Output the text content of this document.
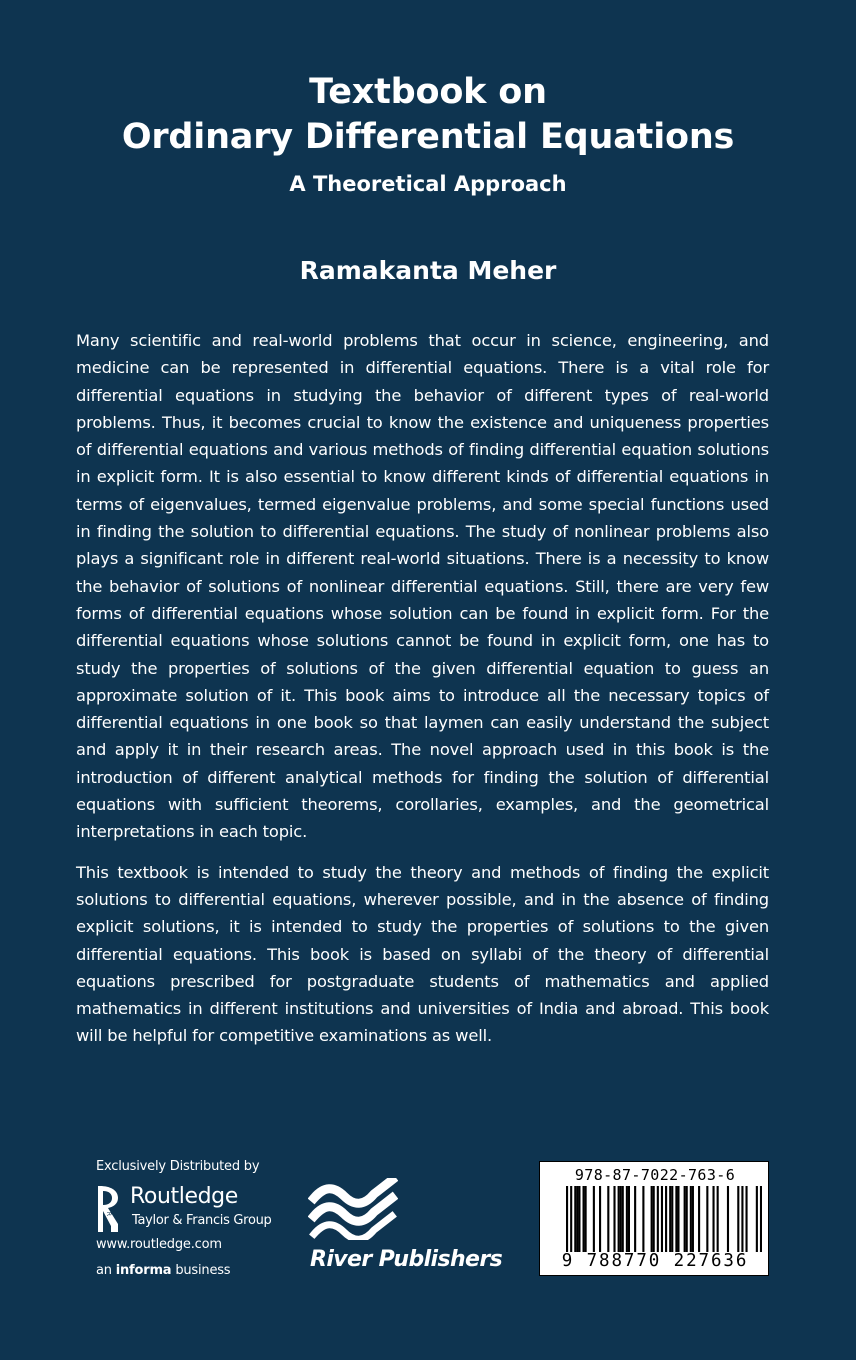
Textbook on
Ordinary Differential Equations
A Theoretical Approach
Ramakanta Meher

Many scientific and real-world problems that occur in science, engineering, and medicine can be represented in differential equations. There is a vital role for differential equations in studying the behavior of different types of real-world problems. Thus, it becomes crucial to know the existence and uniqueness properties of differential equations and various methods of finding differential equation solutions in explicit form. It is also essential to know different kinds of differential equations in terms of eigenvalues, termed eigenvalue problems, and some special functions used in finding the solution to differential equations. The study of nonlinear problems also plays a significant role in different real-world situations. There is a necessity to know the behavior of solutions of nonlinear differential equations. Still, there are very few forms of differential equations whose solution can be found in explicit form. For the differential equations whose solutions cannot be found in explicit form, one has to study the properties of solutions of the given differential equation to guess an approximate solution of it. This book aims to introduce all the necessary topics of differential equations in one book so that laymen can easily understand the subject and apply it in their research areas. The novel approach used in this book is the introduction of different analytical methods for finding the solution of differential equations with sufficient theorems, corollaries, examples, and the geometrical interpretations in each topic.

This textbook is intended to study the theory and methods of finding the explicit solutions to differential equations, wherever possible, and in the absence of finding explicit solutions, it is intended to study the properties of solutions to the given differential equations. This book is based on syllabi of the theory of differential equations prescribed for postgraduate students of mathematics and applied mathematics in different institutions and universities of India and abroad. This book will be helpful for competitive examinations as well.

Exclusively Distributed by
R
Routledge
Taylor & Francis Group
www.routledge.com
an informa business	River Publishers
978-87-7022-763-6
9 788770 227636
